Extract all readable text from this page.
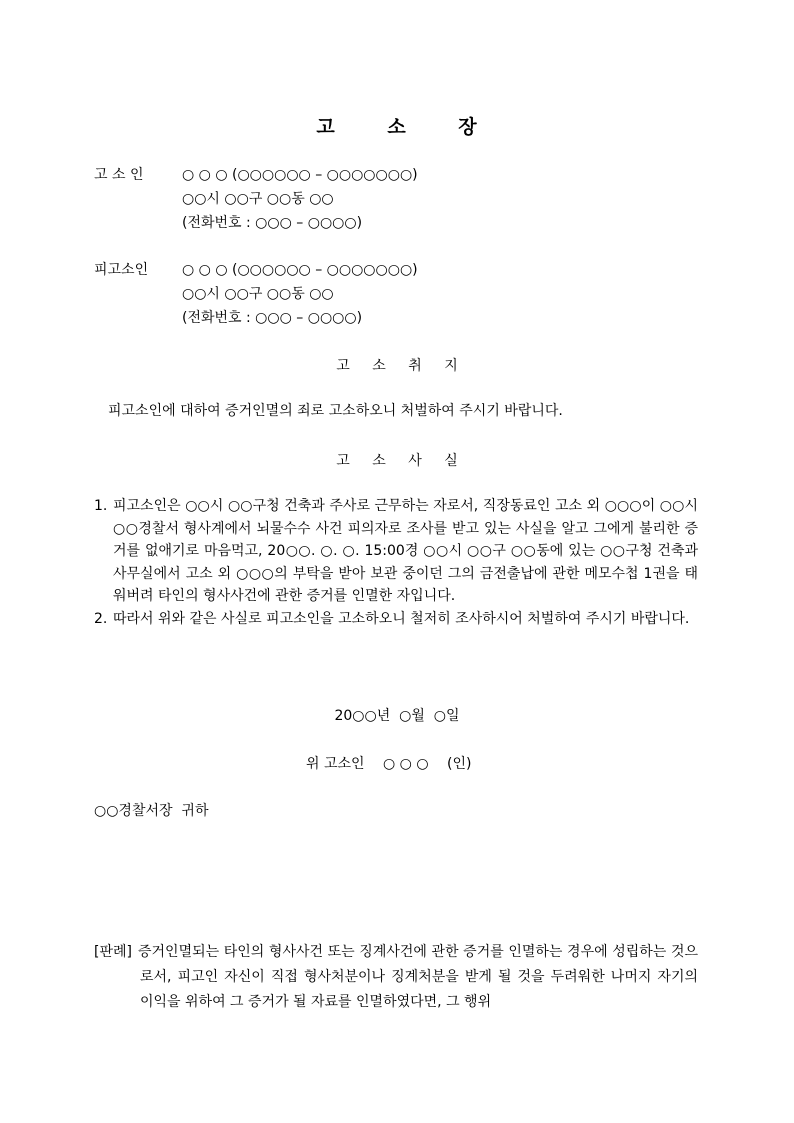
고	소	장
고 소 인	○ ○ ○ (○○○○○○ – ○○○○○○○)
○○시 ○○구 ○○동 ○○
(전화번호 : ○○○ – ○○○○)
피고소인 ○ ○ ○ (○○○○○○ – ○○○○○○○)
○○시 ○○구 ○○동 ○○
(전화번호 : ○○○ – ○○○○)
고 소 취 지
피고소인에 대하여 증거인멸의 죄로 고소하오니 처벌하여 주시기 바랍니다.
고 소 사 실
1. 피고소인은 ○○시 ○○구청 건축과 주사로 근무하는 자로서, 직장동료인 고소 외 ○○○이 ○○시 ○○경찰서 형사계에서 뇌물수수 사건 피의자로 조사를 받고 있는 사실을 알고 그에게 불리한 증거를 없애기로 마음먹고, 20○○. ○. ○. 15:00경 ○○시 ○○구 ○○동에 있는 ○○구청 건축과 사무실에서 고소 외 ○○○의 부탁을 받아 보관 중이던 그의 금전출납에 관한 메모수첩 1권을 태워버려 타인의 형사사건에 관한 증거를 인멸한 자입니다.
2. 따라서 위와 같은 사실로 피고소인을 고소하오니 철저히 조사하시어 처벌하여 주시기 바랍니다.
20○○년  ○월  ○일
위 고소인 ○ ○ ○ (인)
○○경찰서장  귀하
[판례] 증거인멸되는 타인의 형사사건 또는 징계사건에 관한 증거를 인멸하는 경우에 성립하는 것으로서, 피고인 자신이 직접 형사처분이나 징계처분을 받게 될 것을 두려워한 나머지 자기의 이익을 위하여 그 증거가 될 자료를 인멸하였다면, 그 행위
